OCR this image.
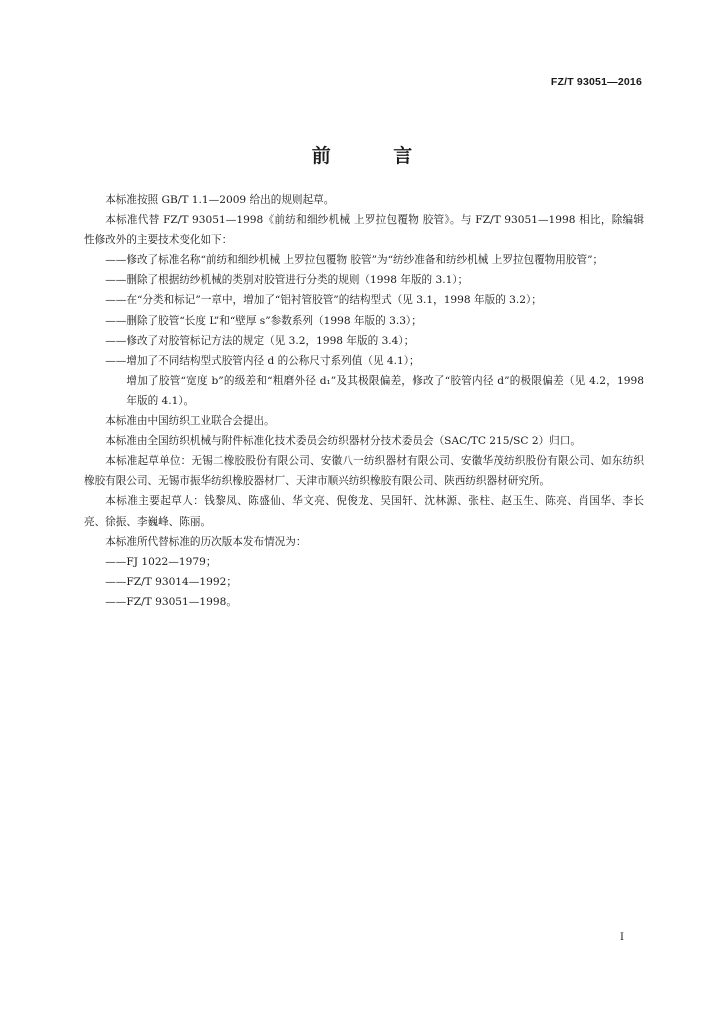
FZ/T 93051—2016
前 言

本标准按照 GB/T 1.1—2009 给出的规则起草。

本标准代替 FZ/T 93051—1998《前纺和细纱机械 上罗拉包覆物 胶管》。与 FZ/T 93051—1998 相比，除编辑性修改外的主要技术变化如下：

——修改了标准名称“前纺和细纱机械 上罗拉包覆物 胶管”为“纺纱准备和纺纱机械 上罗拉包覆物用胶管”；

——删除了根据纺纱机械的类别对胶管进行分类的规则（1998 年版的 3.1）；

——在“分类和标记”一章中，增加了“铝衬管胶管”的结构型式（见 3.1，1998 年版的 3.2）；

——删除了胶管“长度 L”和“壁厚 s”参数系列（1998 年版的 3.3）；

——修改了对胶管标记方法的规定（见 3.2，1998 年版的 3.4）；

——增加了不同结构型式胶管内径 d 的公称尺寸系列值（见 4.1）；

增加了胶管“宽度 b”的级差和“粗磨外径 d₁”及其极限偏差，修改了“胶管内径 d”的极限偏差（见 4.2，1998 年版的 4.1）。

本标准由中国纺织工业联合会提出。

本标准由全国纺织机械与附件标准化技术委员会纺织器材分技术委员会（SAC/TC 215/SC 2）归口。

本标准起草单位：无锡二橡胶股份有限公司、安徽八一纺织器材有限公司、安徽华茂纺织股份有限公司、如东纺织橡胶有限公司、无锡市振华纺织橡胶器材厂、天津市顺兴纺织橡胶有限公司、陕西纺织器材研究所。

本标准主要起草人：钱黎凤、陈盛仙、华文亮、倪俊龙、吴国轩、沈林源、张柱、赵玉生、陈亮、肖国华、李长亮、徐振、李巍峰、陈丽。

本标准所代替标准的历次版本发布情况为：

——FJ 1022—1979；

——FZ/T 93014—1992；

——FZ/T 93051—1998。

I
